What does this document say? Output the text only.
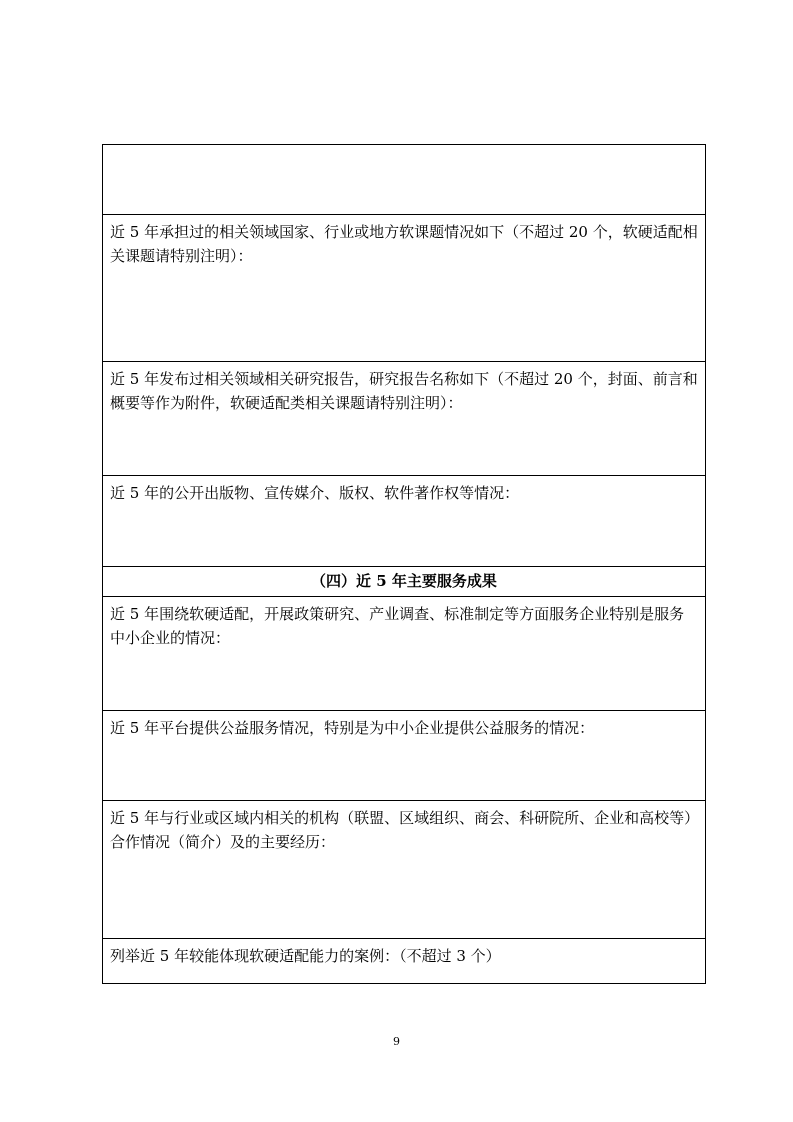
近 5 年承担过的相关领域国家、行业或地方软课题情况如下（不超过 20 个，软硬适配相关课题请特别注明）：
近 5 年发布过相关领域相关研究报告，研究报告名称如下（不超过 20 个，封面、前言和概要等作为附件，软硬适配类相关课题请特别注明）：
近 5 年的公开出版物、宣传媒介、版权、软件著作权等情况：
（四）近 5 年主要服务成果
近 5 年围绕软硬适配，开展政策研究、产业调查、标准制定等方面服务企业特别是服务中小企业的情况：
近 5 年平台提供公益服务情况，特别是为中小企业提供公益服务的情况：
近 5 年与行业或区域内相关的机构（联盟、区域组织、商会、科研院所、企业和高校等）合作情况（简介）及的主要经历：
列举近 5 年较能体现软硬适配能力的案例：（不超过 3 个）
9
